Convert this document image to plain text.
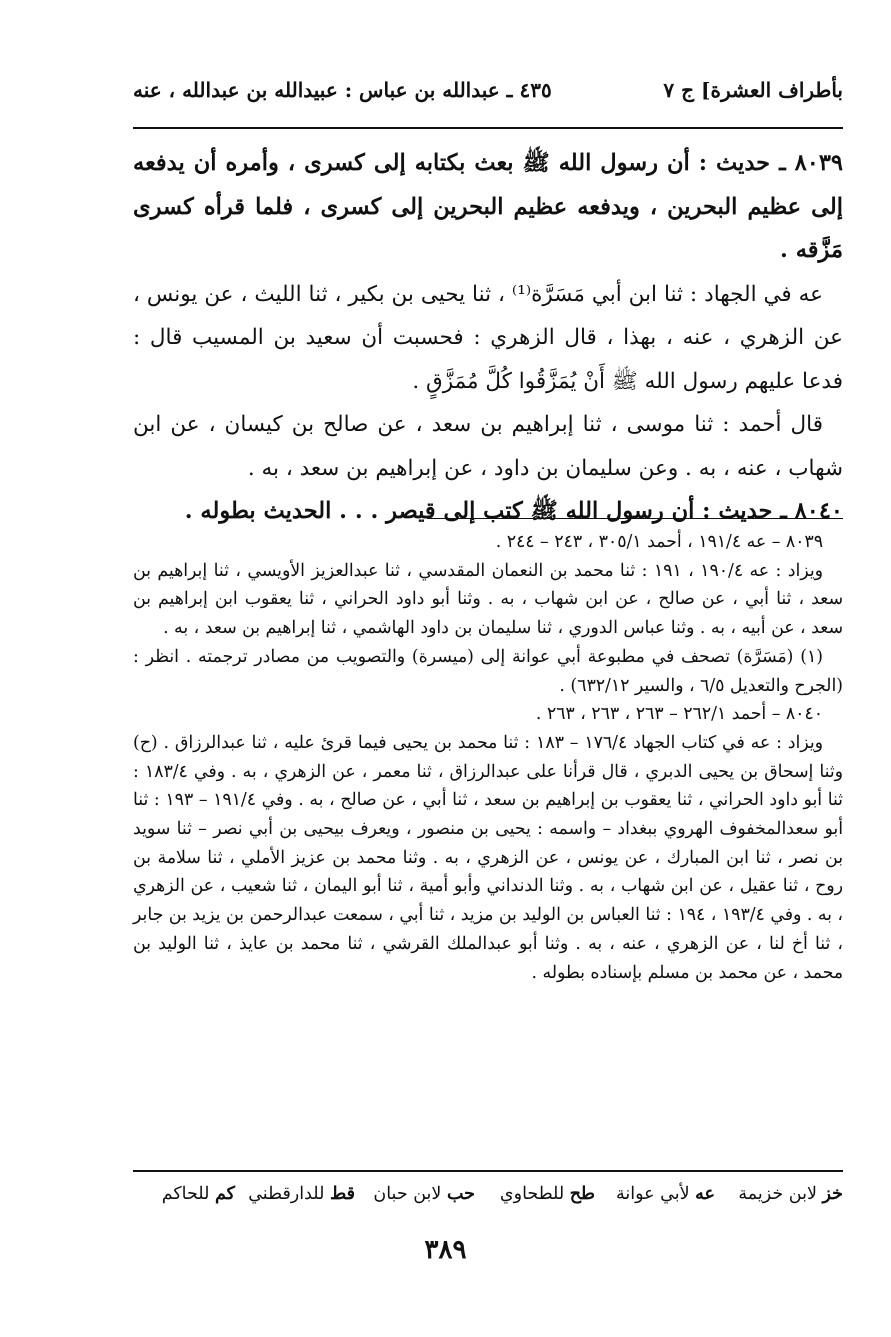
بأطراف العشرة] ج ٧
٤٣٥ ـ عبدالله بن عباس : عبيدالله بن عبدالله ، عنه

٨٠٣٩ ـ حديث : أن رسول الله ﷺ بعث بكتابه إلى كسرى ، وأمره أن يدفعه إلى عظيم البحرين ، ويدفعه عظيم البحرين إلى كسرى ، فلما قرأه كسرى مَزَّقه .

عه في الجهاد : ثنا ابن أبي مَسَرَّة⁽¹⁾ ، ثنا يحيى بن بكير ، ثنا الليث ، عن يونس ، عن الزهري ، عنه ، بهذا ، قال الزهري : فحسبت أن سعيد بن المسيب قال : فدعا عليهم رسول الله ﷺ أَنْ يُمَزَّقُوا كُلَّ مُمَزَّقٍ .

قال أحمد : ثنا موسى ، ثنا إبراهيم بن سعد ، عن صالح بن كيسان ، عن ابن شهاب ، عنه ، به . وعن سليمان بن داود ، عن إبراهيم بن سعد ، به .

٨٠٤٠ ـ حديث : أن رسول الله ﷺ كتب إلى قيصر . . . الحديث بطوله .

٨٠٣٩ – عه ١٩١/٤ ، أحمد ٣٠٥/١ ، ٢٤٣ – ٢٤٤ .

ويزاد : عه ١٩٠/٤ ، ١٩١ : ثنا محمد بن النعمان المقدسي ، ثنا عبدالعزيز الأويسي ، ثنا إبراهيم بن سعد ، ثنا أبي ، عن صالح ، عن ابن شهاب ، به . وثنا أبو داود الحراني ، ثنا يعقوب ابن إبراهيم بن سعد ، عن أبيه ، به . وثنا عباس الدوري ، ثنا سليمان بن داود الهاشمي ، ثنا إبراهيم بن سعد ، به .

(١) (مَسَرَّة) تصحف في مطبوعة أبي عوانة إلى (ميسرة) والتصويب من مصادر ترجمته . انظر : (الجرح والتعديل ٦/٥ ، والسير ٦٣٢/١٢) .

٨٠٤٠ – أحمد ٢٦٢/١ – ٢٦٣ ، ٢٦٣ ، ٢٦٣ .

ويزاد : عه في كتاب الجهاد ١٧٦/٤ – ١٨٣ : ثنا محمد بن يحيى فيما قرئ عليه ، ثنا عبدالرزاق . (ح) وثنا إسحاق بن يحيى الدبري ، قال قرأنا على عبدالرزاق ، ثنا معمر ، عن الزهري ، به . وفي ١٨٣/٤ : ثنا أبو داود الحراني ، ثنا يعقوب بن إبراهيم بن سعد ، ثنا أبي ، عن صالح ، به . وفي ١٩١/٤ – ١٩٣ : ثنا أبو سعدالمخفوف الهروي ببغداد – واسمه : يحيى بن منصور ، ويعرف بيحيى بن أبي نصر – ثنا سويد بن نصر ، ثنا ابن المبارك ، عن يونس ، عن الزهري ، به . وثنا محمد بن عزيز الأملي ، ثنا سلامة بن روح ، ثنا عقيل ، عن ابن شهاب ، به . وثنا الدنداني وأبو أمية ، ثنا أبو اليمان ، ثنا شعيب ، عن الزهري ، به . وفي ١٩٣/٤ ، ١٩٤ : ثنا العباس بن الوليد بن مزيد ، ثنا أبي ، سمعت عبدالرحمن بن يزيد بن جابر ، ثنا أخ لنا ، عن الزهري ، عنه ، به . وثنا أبو عبدالملك القرشي ، ثنا محمد بن عايذ ، ثنا الوليد بن محمد ، عن محمد بن مسلم بإسناده بطوله .

خز لابن خزيمة
عه لأبي عوانة
طح للطحاوي
حب لابن حبان
قط للدارقطني
كم للحاكم
٣٨٩
